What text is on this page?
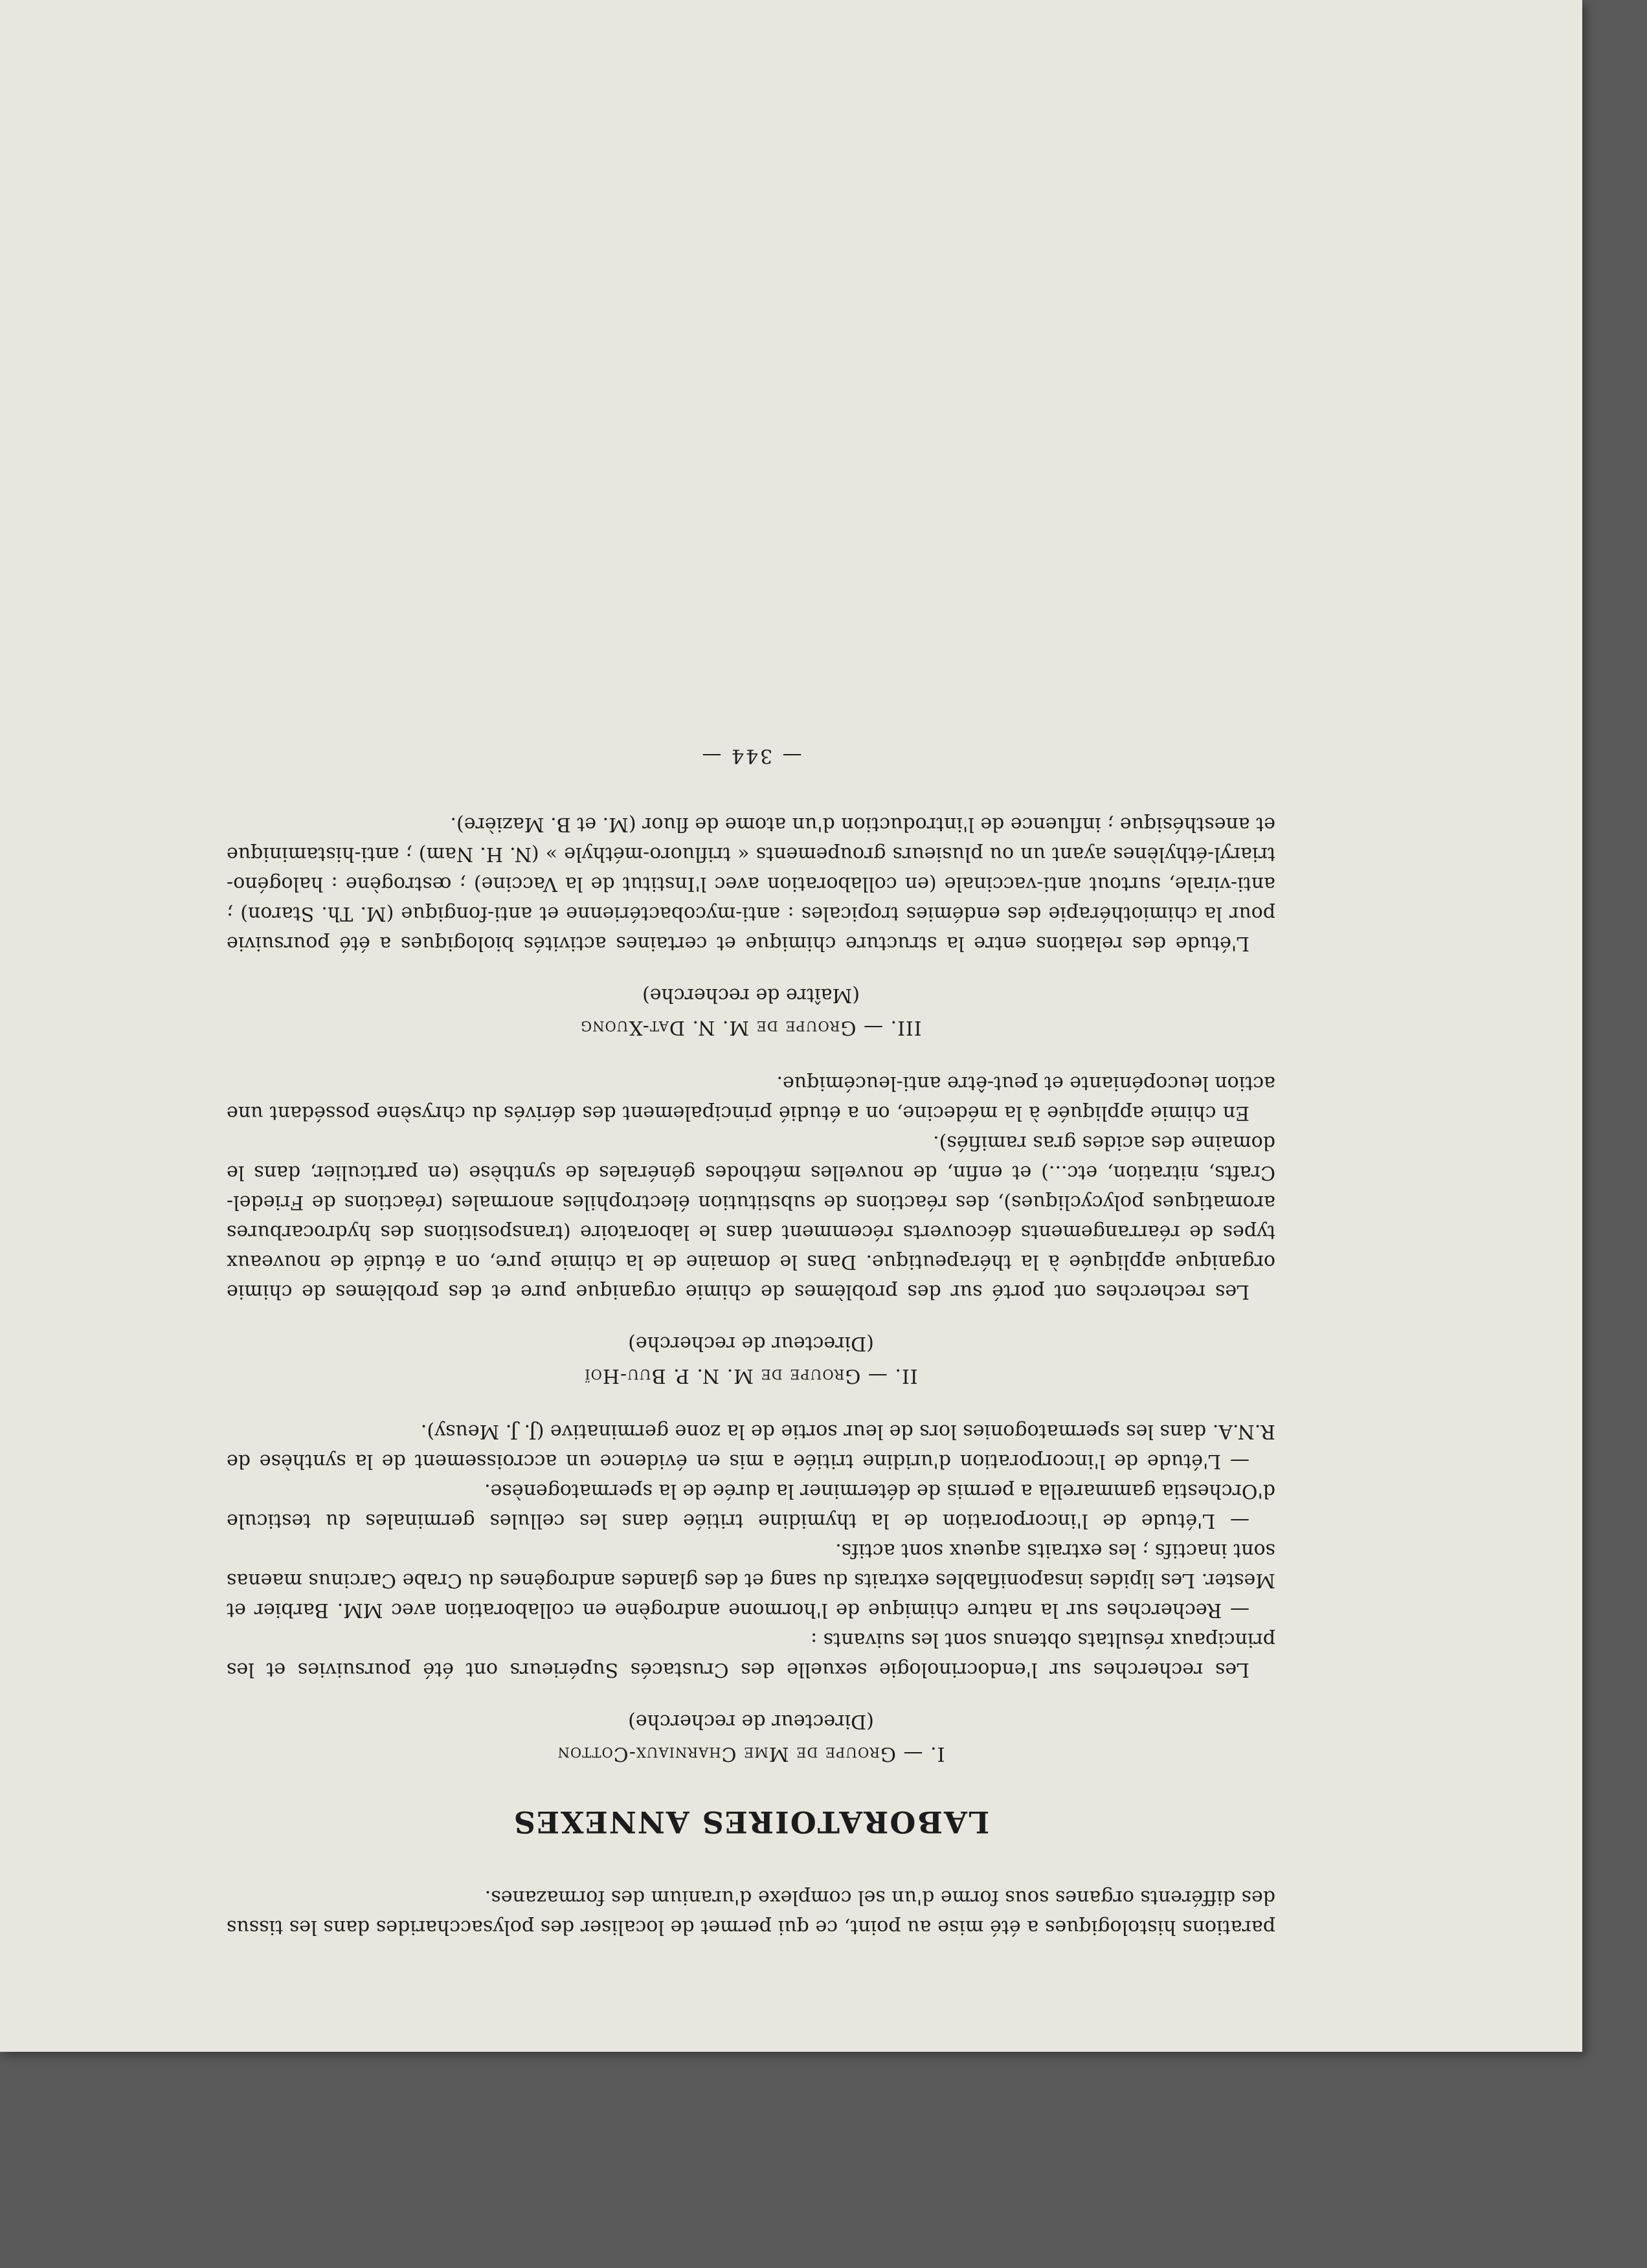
parations histologiques a été mise au point, ce qui permet de localiser des polysaccharides dans les tissus des différents organes sous forme d'un sel complexe d'uranium des formazanes.

LABORATOIRES ANNEXES
I. — Groupe de Mme Charniaux-Cotton
(Directeur de recherche)

Les recherches sur l'endocrinologie sexuelle des Crustacés Supérieurs ont été poursuivies et les principaux résultats obtenus sont les suivants :

— Recherches sur la nature chimique de l'hormone androgène en collaboration avec MM. Barbier et Mester. Les lipides insaponifiables extraits du sang et des glandes androgènes du Crabe Carcinus maenas sont inactifs ; les extraits aqueux sont actifs.

— L'étude de l'incorporation de la thymidine tritiée dans les cellules germinales du testicule d'Orchestia gammarella a permis de déterminer la durée de la spermatogenèse.

— L'étude de l'incorporation d'uridine tritiée a mis en évidence un accroissement de la synthèse de R.N.A. dans les spermatogonies lors de leur sortie de la zone germinative (J. J. Meusy).

II. — Groupe de M. N. P. Buu-Hoï
(Directeur de recherche)

Les recherches ont porté sur des problèmes de chimie organique pure et des problèmes de chimie organique appliquée à la thérapeutique. Dans le domaine de la chimie pure, on a étudié de nouveaux types de réarrangements découverts récemment dans le laboratoire (transpositions des hydrocarbures aromatiques polycycliques), des réactions de substitution électrophiles anormales (réactions de Friedel-Crafts, nitration, etc...) et enfin, de nouvelles méthodes générales de synthèse (en particulier, dans le domaine des acides gras ramifiés).

En chimie appliquée à la médecine, on a étudié principalement des dérivés du chrysène possédant une action leucopéniante et peut-être anti-leucémique.

III. — Groupe de M. N. Dat-Xuong
(Maître de recherche)

L'étude des relations entre la structure chimique et certaines activités biologiques a été poursuivie pour la chimiothérapie des endémies tropicales : anti-mycobactérienne et anti-fongique (M. Th. Staron) ; anti-virale, surtout anti-vaccinale (en collaboration avec l'Institut de la Vaccine) ; œstrogène : halogéno-triaryl-éthylènes ayant un ou plusieurs groupements « trifluoro-méthyle » (N. H. Nam) ; anti-histaminique et anesthésique ; influence de l'introduction d'un atome de fluor (M. et B. Mazière).

— 344 —
